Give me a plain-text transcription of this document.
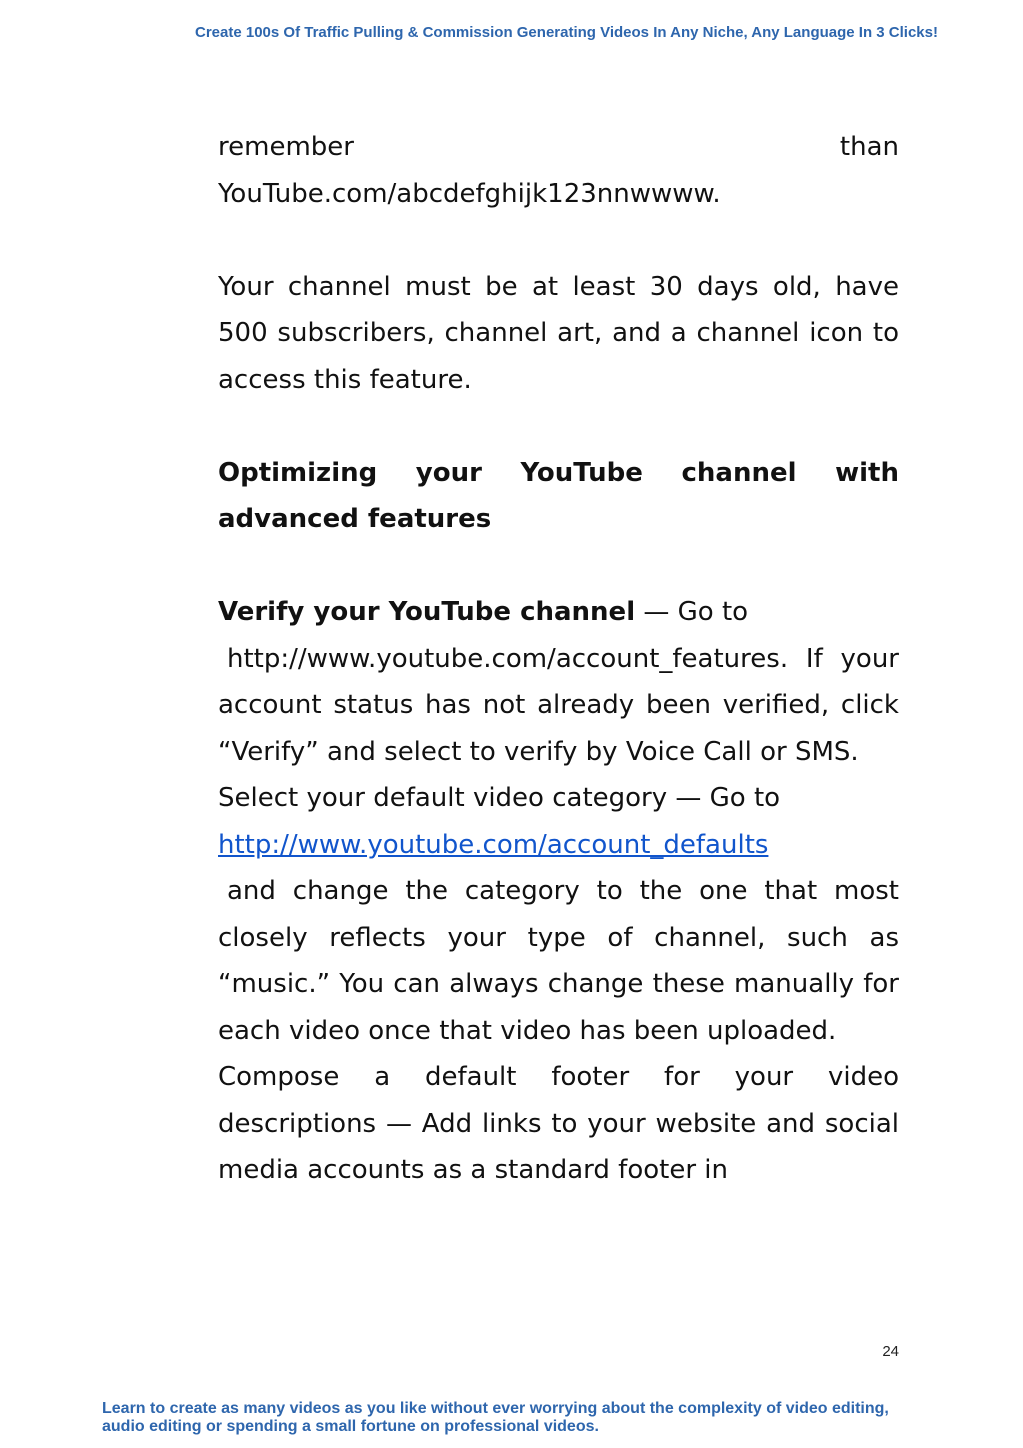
Create 100s Of Traffic Pulling & Commission Generating Videos In Any Niche, Any Language In 3 Clicks!
remember	than

YouTube.com/abcdefghijk123nnwwww.

Your channel must be at least 30 days old, have 500 subscribers, channel art, and a channel icon to access this feature.

Optimizing your YouTube channel with

advanced features

Verify your YouTube channel — Go to
http://www.youtube.com/account_features. If your account status has not already been verified, click “Verify” and select to verify by Voice Call or SMS.

Select your default video category — Go to
http://www.youtube.com/account_defaults
and change the category to the one that most closely reflects your type of channel, such as “music.” You can always change these manually for each video once that video has been uploaded.

Compose a default footer for your video descriptions — Add links to your website and social media accounts as a standard footer in

24
Learn to create as many videos as you like without ever worrying about the complexity of video editing,
audio editing or spending a small fortune on professional videos.
